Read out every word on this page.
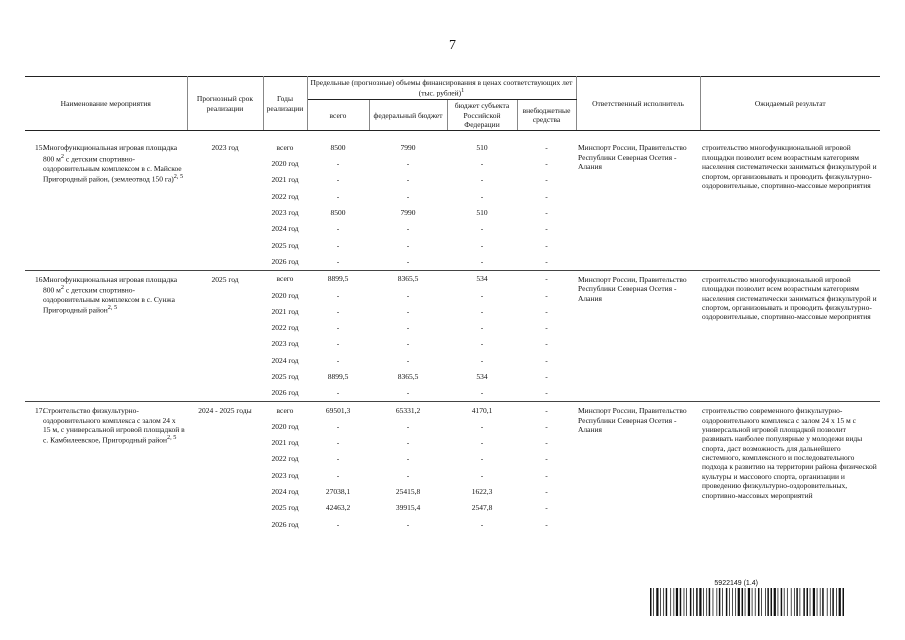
7
Наименование мероприятия		Прогнозный срок реализации	Годы реализации	Предельные (прогнозные) объемы финансирования в ценах соответствующих лет (тыс. рублей)$^1$				Ответственный исполнитель	Ожидаемый результат
				всего	федеральный бюджет	бюджет субъекта Российской Федерации	внебюджетные средства		

15.	Многофункциональная игровая площадка 800 $м^2$ с детским спортивно-оздоровительным комплексом в с. Майское Пригородный район, (землеотвод 150 га)$^{2, 5}$	2023 год	всего	8500	7990	510	-	Минспорт России, Правительство Республики Северная Осетия - Алания	строительство многофункциональной игровой площадки позволит всем возрастным категориям населения систематически заниматься физкультурой и спортом, организовывать и проводить физкультурно-оздоровительные, спортивно-массовые мероприятия
			2020 год	-	-	-	-		
			2021 год	-	-	-	-		
			2022 год	-	-	-	-		
			2023 год	8500	7990	510	-		
			2024 год	-	-	-	-		
			2025 год	-	-	-	-		
			2026 год	-	-	-	-		

16.	Многофункциональная игровая площадка 800 $м^2$ с детским спортивно-оздоровительным комплексом в с. Сунжа Пригородный район$^{2, 5}$	2025 год	всего	8899,5	8365,5	534	-	Минспорт России, Правительство Республики Северная Осетия - Алания	строительство многофункциональной игровой площадки позволит всем возрастным категориям населения систематически заниматься физкультурой и спортом, организовывать и проводить физкультурно-оздоровительные, спортивно-массовые мероприятия
			2020 год	-	-	-	-		
			2021 год	-	-	-	-		
			2022 год	-	-	-	-		
			2023 год	-	-	-	-		
			2024 год	-	-	-	-		
			2025 год	8899,5	8365,5	534	-		
			2026 год	-	-	-	-		

17.	Строительство физкультурно-оздоровительного комплекса с залом 24 х 15 м, с универсальной игровой площадкой в с. Камбилеевское, Пригородный район$^{2, 5}$	2024 - 2025 годы	всего	69501,3	65331,2	4170,1	-	Минспорт России, Правительство Республики Северная Осетия - Алания	строительство современного физкультурно-оздоровительного комплекса с залом 24 х 15 м с универсальной игровой площадкой позволит развивать наиболее популярные у молодежи виды спорта, даст возможность для дальнейшего системного, комплексного и последовательного подхода к развитию на территории района физической культуры и массового спорта, организации и проведению физкультурно-оздоровительных, спортивно-массовых мероприятий
			2020 год	-	-	-	-		
			2021 год	-	-	-	-		
			2022 год	-	-	-	-		
			2023 год	-	-	-	-		
			2024 год	27038,1	25415,8	1622,3	-		
			2025 год	42463,2	39915,4	2547,8	-		
			2026 год	-	-	-	-		
5922149 (1.4)
